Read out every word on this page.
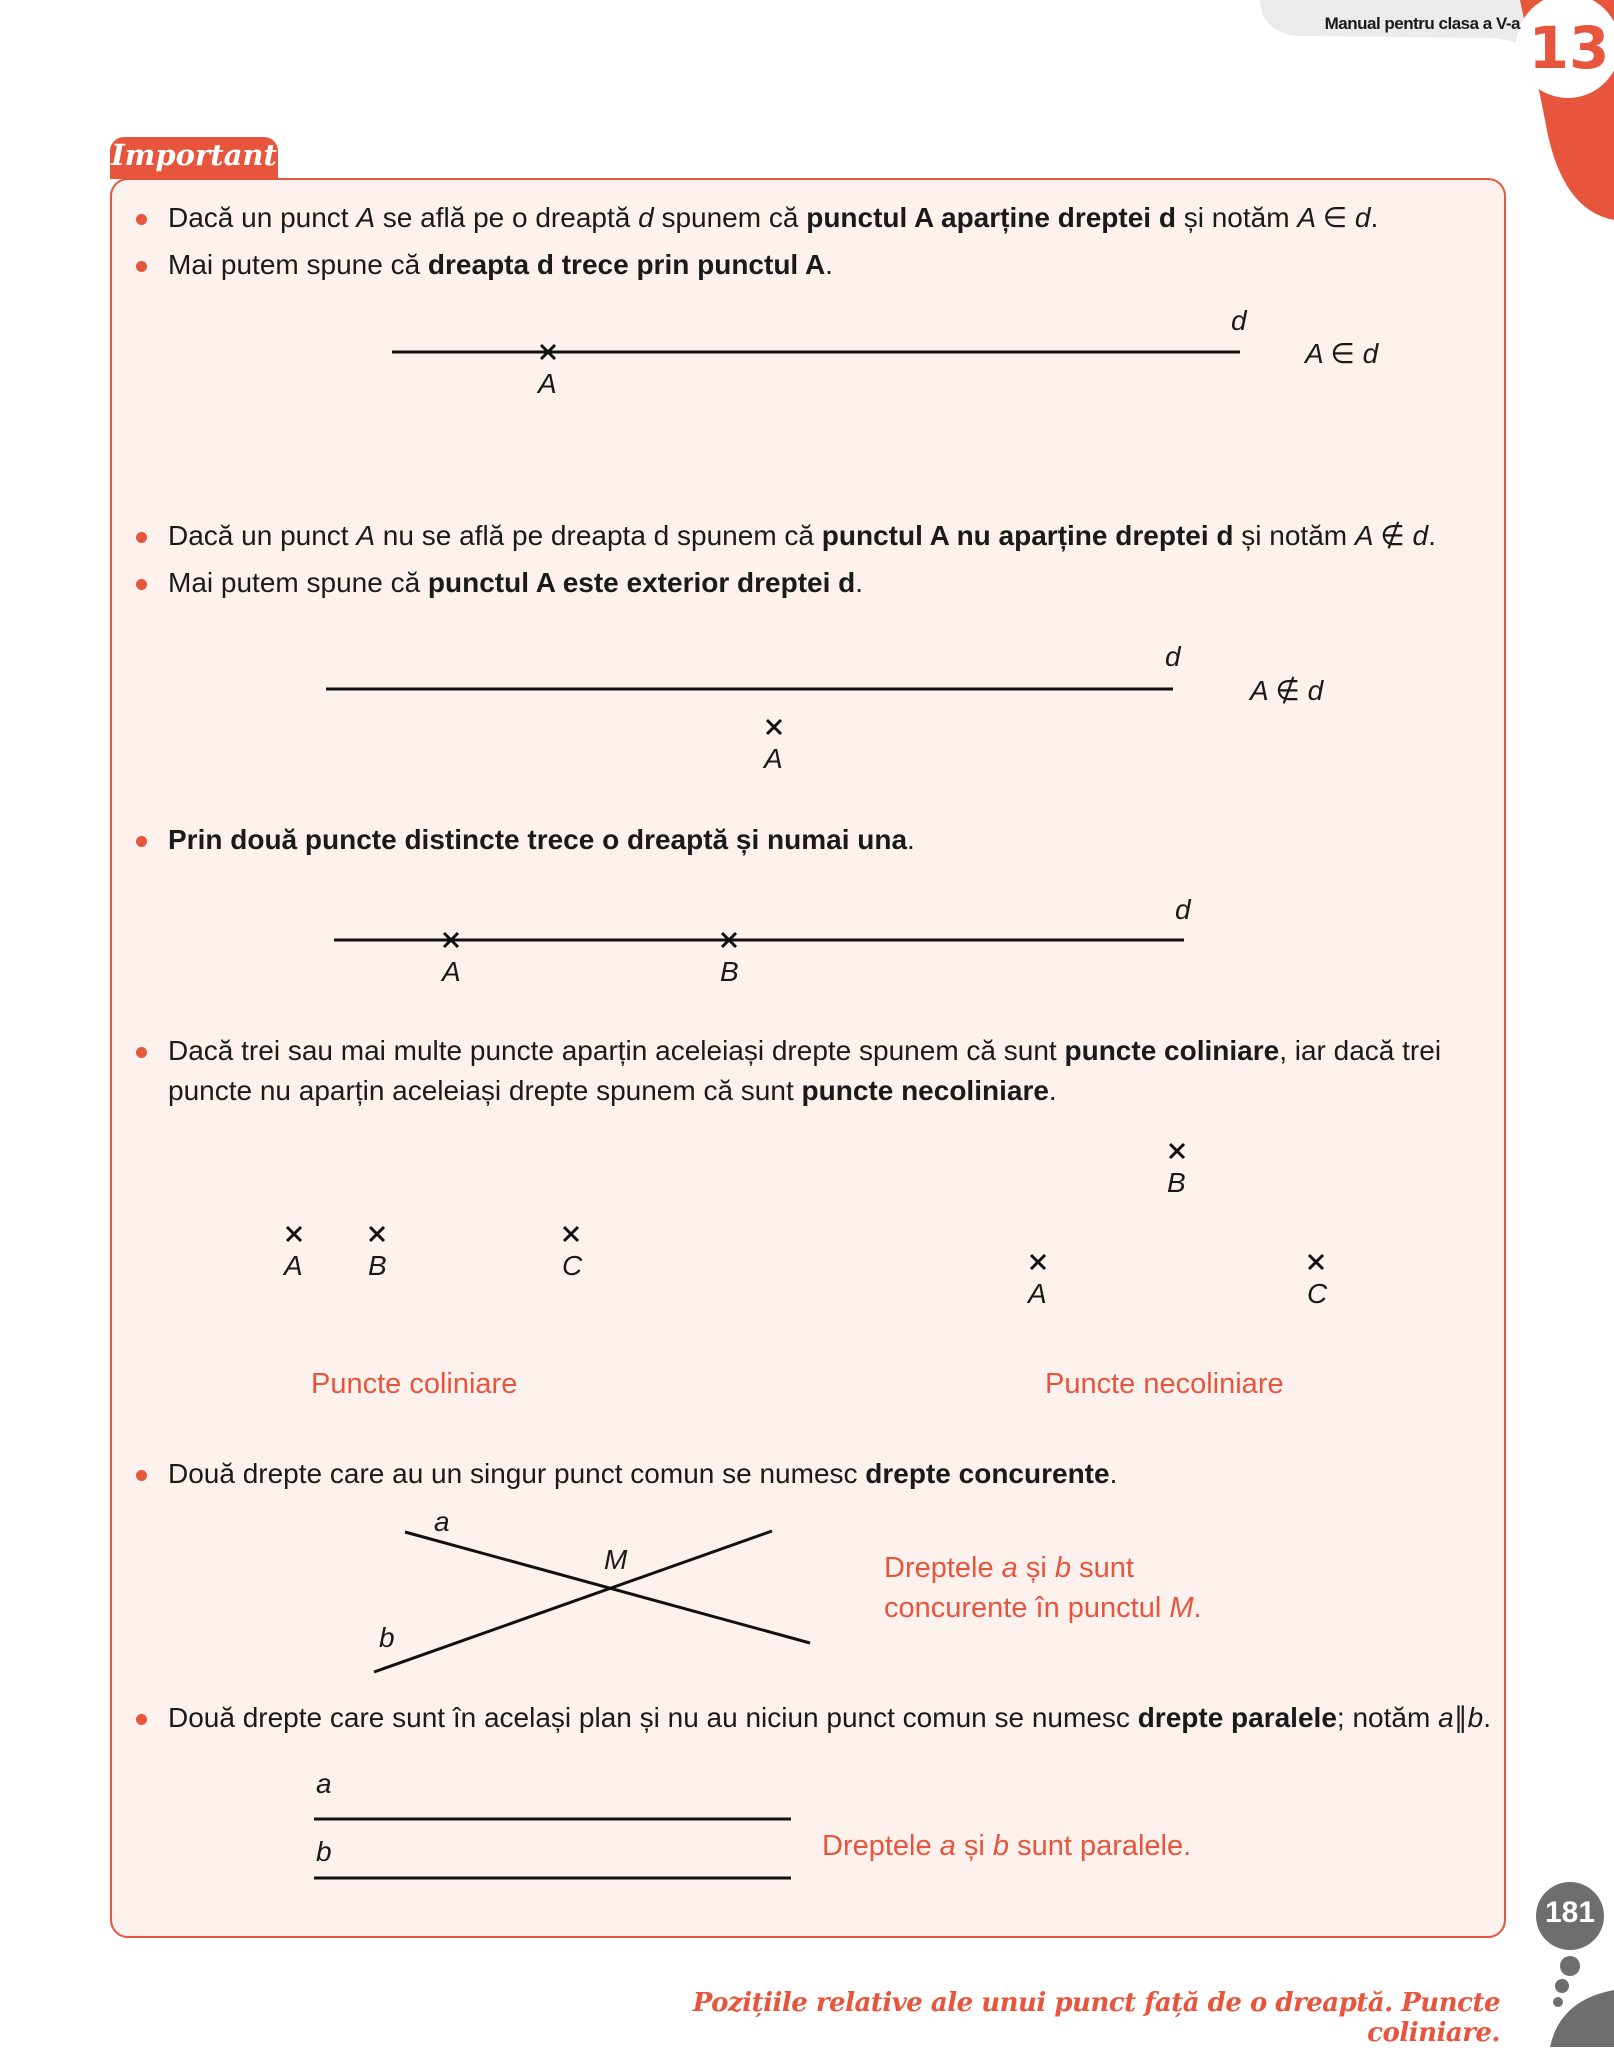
Manual pentru clasa a V-a 13
Important
Dacă un punct A se află pe o dreaptă d spunem că punctul A aparține dreptei d și notăm A ∈ d.
Mai putem spune că dreapta d trece prin punctul A.
d
A
A ∈ d
Dacă un punct A nu se află pe dreapta d spunem că punctul A nu aparține dreptei d și notăm A ∉ d.
Mai putem spune că punctul A este exterior dreptei d.
d
A
A ∉ d
Prin două puncte distincte trece o dreaptă și numai una.
d
A	B
Dacă trei sau mai multe puncte aparțin aceleiași drepte spunem că sunt puncte coliniare, iar dacă trei
puncte nu aparțin aceleiași drepte spunem că sunt puncte necoliniare.
A B	C
B
A	C
Puncte coliniare	Puncte necoliniare
Două drepte care au un singur punct comun se numesc drepte concurente.
a
M
b
Dreptele a și b sunt
concurente în punctul M.
Două drepte care sunt în același plan și nu au niciun punct comun se numesc drepte paralele; notăm a∥b.
a
b	Dreptele a și b sunt paralele.
181
Pozițiile relative ale unui punct față de o dreaptă. Puncte coliniare.
